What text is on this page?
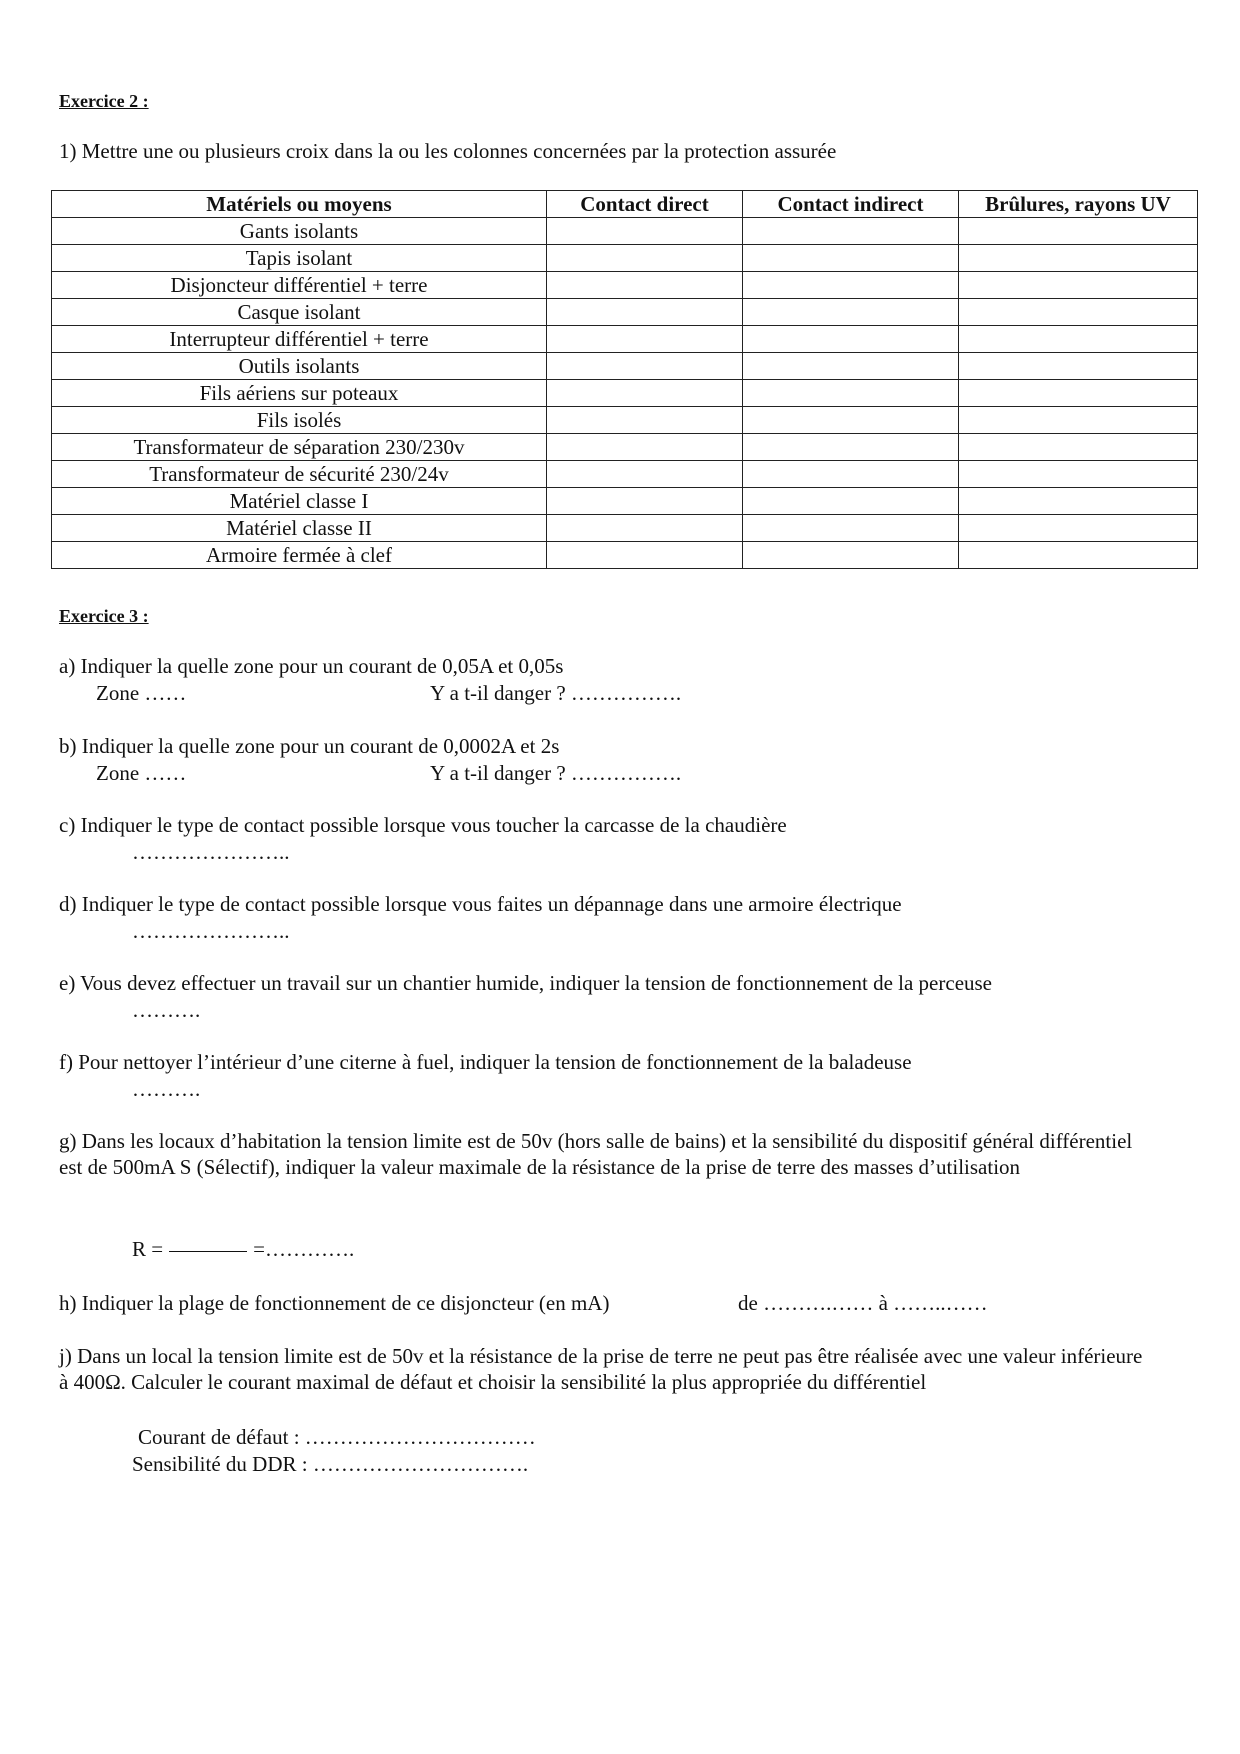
Exercice 2 :
1) Mettre une ou plusieurs croix dans la ou les colonnes concernées par la protection assurée
Matériels ou moyens	Contact direct	Contact indirect	Brûlures, rayons UV
Gants isolants			
Tapis isolant			
Disjoncteur différentiel + terre			
Casque isolant			
Interrupteur différentiel + terre			
Outils isolants			
Fils aériens sur poteaux			
Fils isolés			
Transformateur de séparation 230/230v			
Transformateur de sécurité 230/24v			
Matériel classe I			
Matériel classe II			
Armoire fermée à clef			
Exercice 3 :
a) Indiquer la quelle zone pour un courant de 0,05A et 0,05s
Zone ……	Y a t-il danger ? …………….
b) Indiquer la quelle zone pour un courant de 0,0002A et 2s
Zone ……	Y a t-il danger ? …………….
c) Indiquer le type de contact possible lorsque vous toucher la carcasse de la chaudière
…………………..
d) Indiquer le type de contact possible lorsque vous faites un dépannage dans une armoire électrique
…………………..
e) Vous devez effectuer un travail sur un chantier humide, indiquer la tension de fonctionnement de la perceuse
……….
f) Pour nettoyer l’intérieur d’une citerne à fuel, indiquer la tension de fonctionnement de la baladeuse
……….
g) Dans les locaux d’habitation la tension limite est de 50v (hors salle de bains) et la sensibilité du dispositif général différentiel est de 500mA S (Sélectif), indiquer la valeur maximale de la résistance de la prise de terre des masses d’utilisation
R =	=………….
h) Indiquer la plage de fonctionnement de ce disjoncteur (en mA)	de ……….…… à ……..……
j) Dans un local la tension limite est de 50v et la résistance de la prise de terre ne peut pas être réalisée avec une valeur inférieure à 400Ω. Calculer le courant maximal de défaut et choisir la sensibilité la plus appropriée du différentiel
Courant de défaut : ……………………………
Sensibilité du DDR : ………………………….
